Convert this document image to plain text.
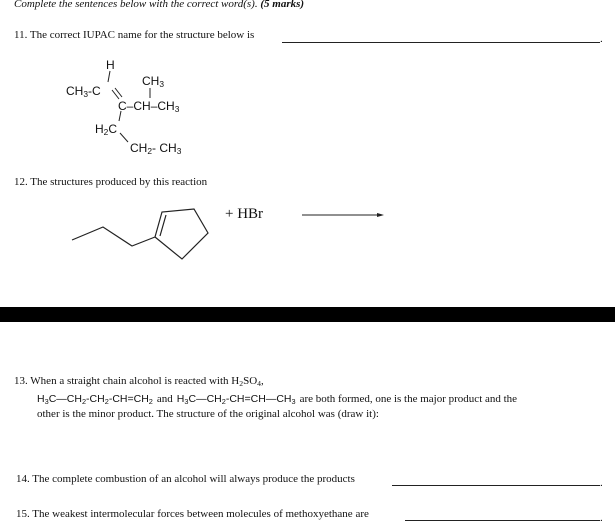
Complete the sentences below with the correct word(s). (5 marks)
11. The correct IUPAC name for the structure below is	.
H
$CH_3-C$
$CH_3$
$C-CH-CH_3$
$H_2C$
$CH_2-$ $CH_3$
12. The structures produced by this reaction
+ HBr
13. When a straight chain alcohol is reacted with $H_2SO_4$,
$H_3C—CH_2-CH_2-CH=CH_2$ and $H_3C—CH_2-CH=CH—CH_3$ are both formed, one is the major product and the
other is the minor product. The structure of the original alcohol was (draw it):
14. The complete combustion of an alcohol will always produce the products	.
15. The weakest intermolecular forces between molecules of methoxyethane are	.
